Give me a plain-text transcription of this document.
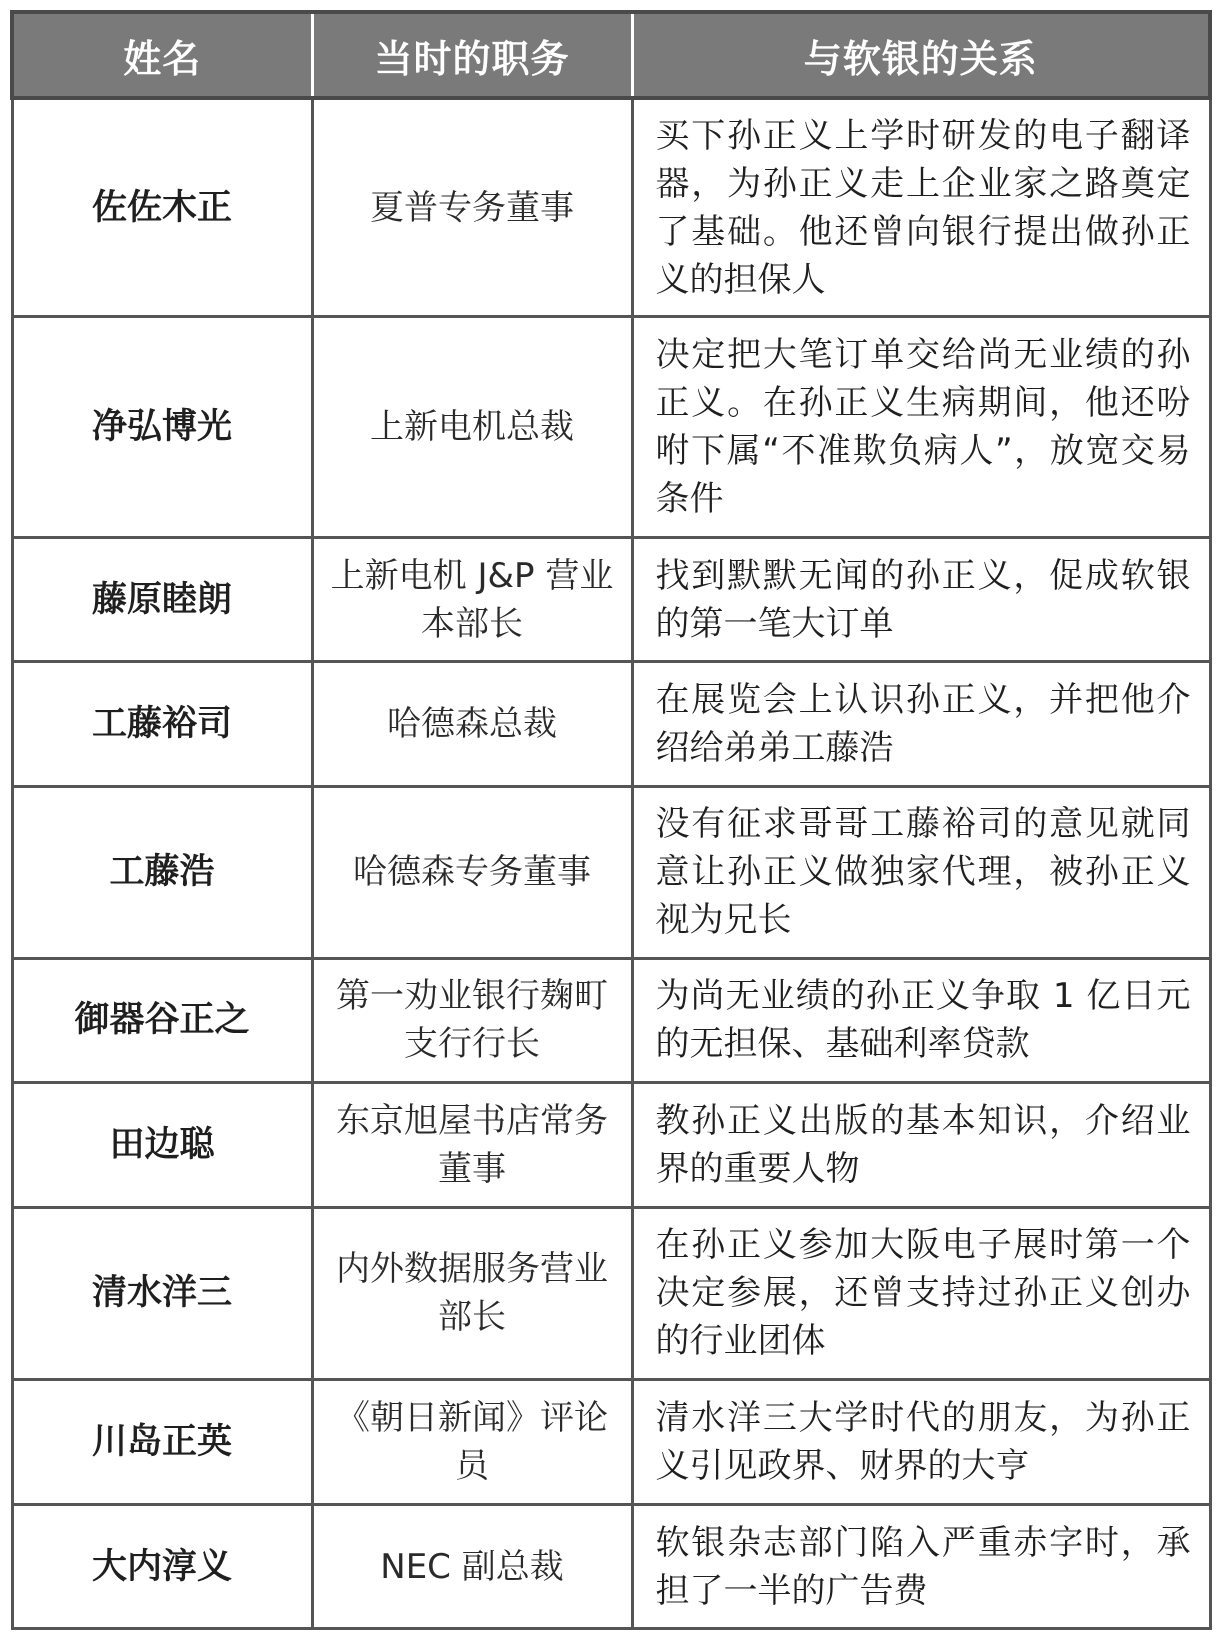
姓名	当时的职务	与软银的关系
佐佐木正	夏普专务董事	买下孙正义上学时研发的电子翻译器，为孙正义走上企业家之路奠定了基础。他还曾向银行提出做孙正义的担保人
净弘博光	上新电机总裁	决定把大笔订单交给尚无业绩的孙正义。在孙正义生病期间，他还吩咐下属“不准欺负病人”，放宽交易条件
藤原睦朗	上新电机 J&P 营业本部长	找到默默无闻的孙正义，促成软银的第一笔大订单
工藤裕司	哈德森总裁	在展览会上认识孙正义，并把他介绍给弟弟工藤浩
工藤浩	哈德森专务董事	没有征求哥哥工藤裕司的意见就同意让孙正义做独家代理，被孙正义视为兄长
御器谷正之	第一劝业银行麹町支行行长	为尚无业绩的孙正义争取 1 亿日元的无担保、基础利率贷款
田边聪	东京旭屋书店常务董事	教孙正义出版的基本知识，介绍业界的重要人物
清水洋三	内外数据服务营业部长	在孙正义参加大阪电子展时第一个决定参展，还曾支持过孙正义创办的行业团体
川岛正英	《朝日新闻》评论员	清水洋三大学时代的朋友，为孙正义引见政界、财界的大亨
大内淳义	NEC 副总裁	软银杂志部门陷入严重赤字时，承担了一半的广告费
